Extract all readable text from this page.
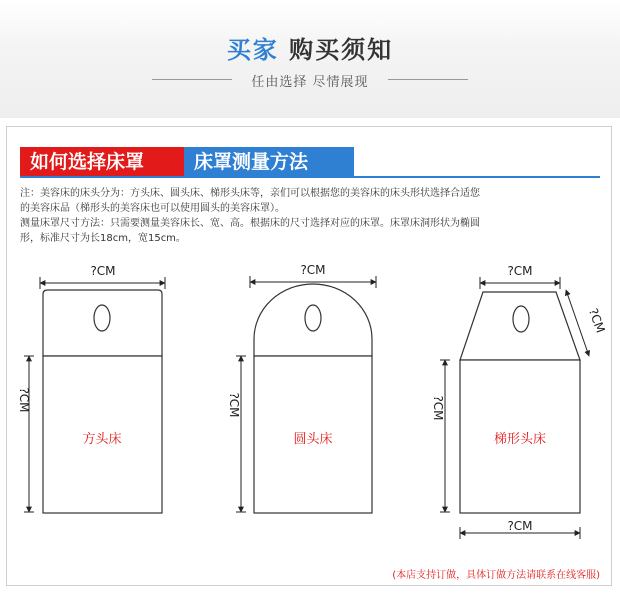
买家 购买须知
任由选择 尽情展现
如何选择床罩	床罩测量方法
注：美容床的床头分为：方头床、圆头床、梯形头床等，亲们可以根据您的美容床的床头形状选择合适您
的美容床品（梯形头的美容床也可以使用圆头的美容床罩）。
测量床罩尺寸方法：只需要测量美容床长、宽、高。根据床的尺寸选择对应的床罩。床罩床洞形状为椭圆
形，标准尺寸为长18cm，宽15cm。
?CM
?CM
方头床
?CM
?CM
圆头床
?CM
?CM
?CM
?CM
梯形头床
(本店支持订做，具体订做方法请联系在线客服)
